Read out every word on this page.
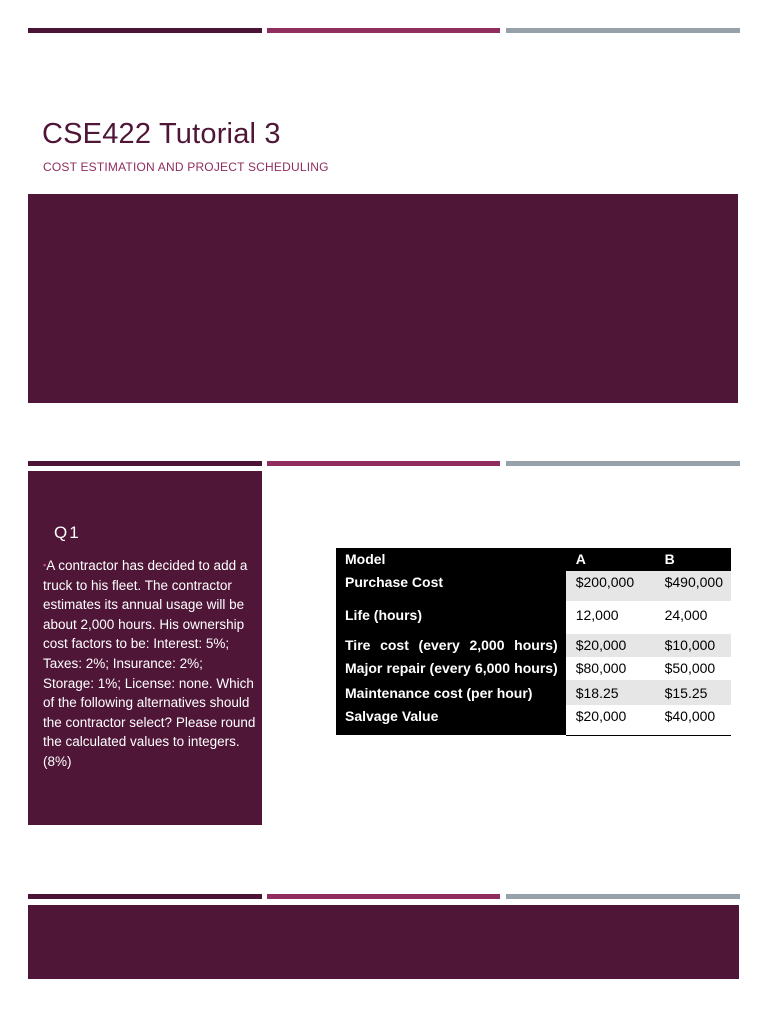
CSE422 Tutorial 3

COST ESTIMATION AND PROJECT SCHEDULING

Q1
▪A contractor has decided to add a truck to his fleet. The contractor estimates its annual usage will be about 2,000 hours. His ownership cost factors to be: Interest: 5%; Taxes: 2%; Insurance: 2%; Storage: 1%; License: none. Which of the following alternatives should the contractor select? Please round the calculated values to integers. (8%)
Model	A	B
Purchase Cost	$200,000	$490,000
Life (hours)	12,000	24,000

Tire cost (every 2,000 hours)	$20,000	$10,000

Major repair (every 6,000 hours)	$80,000	$50,000
Maintenance cost (per hour)	$18.25	$15.25
Salvage Value	$20,000	$40,000
